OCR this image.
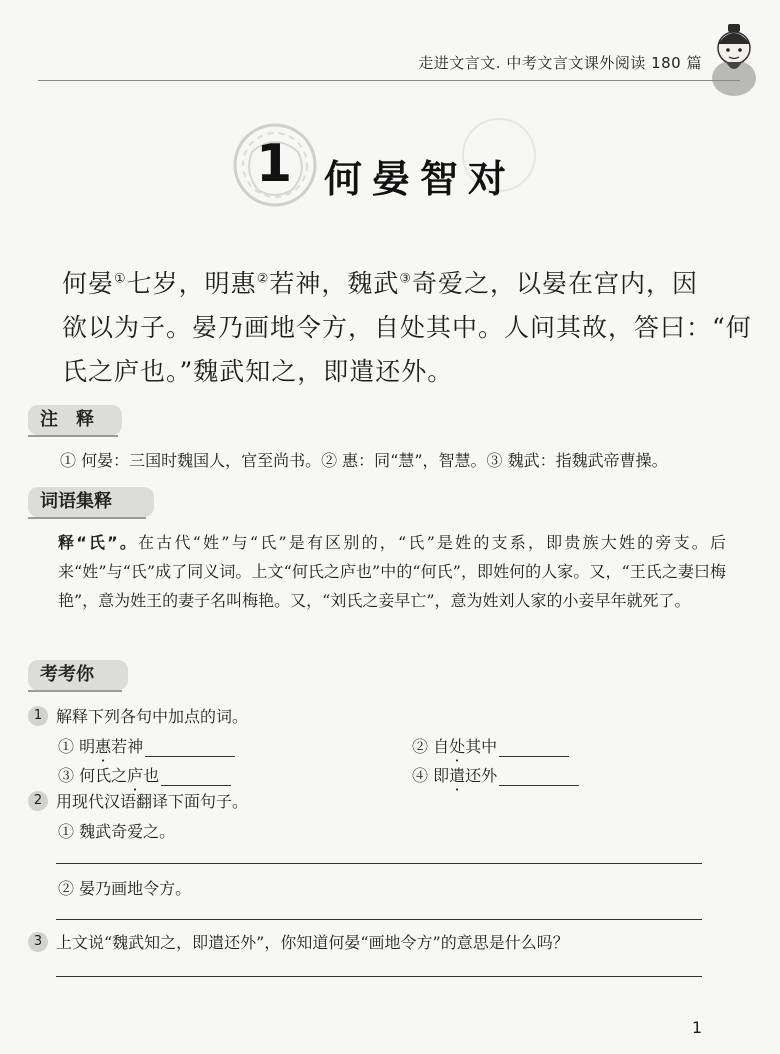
走进文言文. 中考文言文课外阅读 180 篇
1 何晏智对

何晏①七岁，明惠②若神，魏武③奇爱之，以晏在宫内，因

欲以为子。晏乃画地令方，自处其中。人问其故，答曰：“何

氏之庐也。”魏武知之，即遣还外。

注　释
① 何晏：三国时魏国人，官至尚书。② 惠：同“慧”，智慧。③ 魏武：指魏武帝曹操。
词语集释
释“氏”。在古代“姓”与“氏”是有区别的，“氏”是姓的支系，即贵族大姓的旁支。后来“姓”与“氏”成了同义词。上文“何氏之庐也”中的“何氏”，即姓何的人家。又，“王氏之妻曰梅艳”，意为姓王的妻子名叫梅艳。又，“刘氏之妾早亡”，意为姓刘人家的小妾早年就死了。
考考你
1 解释下列各句中加点的词。
① 明惠若神	② 自处其中
③ 何氏之庐也	④ 即遣还外
2 用现代汉语翻译下面句子。
① 魏武奇爱之。
② 晏乃画地令方。
3 上文说“魏武知之，即遣还外”，你知道何晏“画地令方”的意思是什么吗？
1
